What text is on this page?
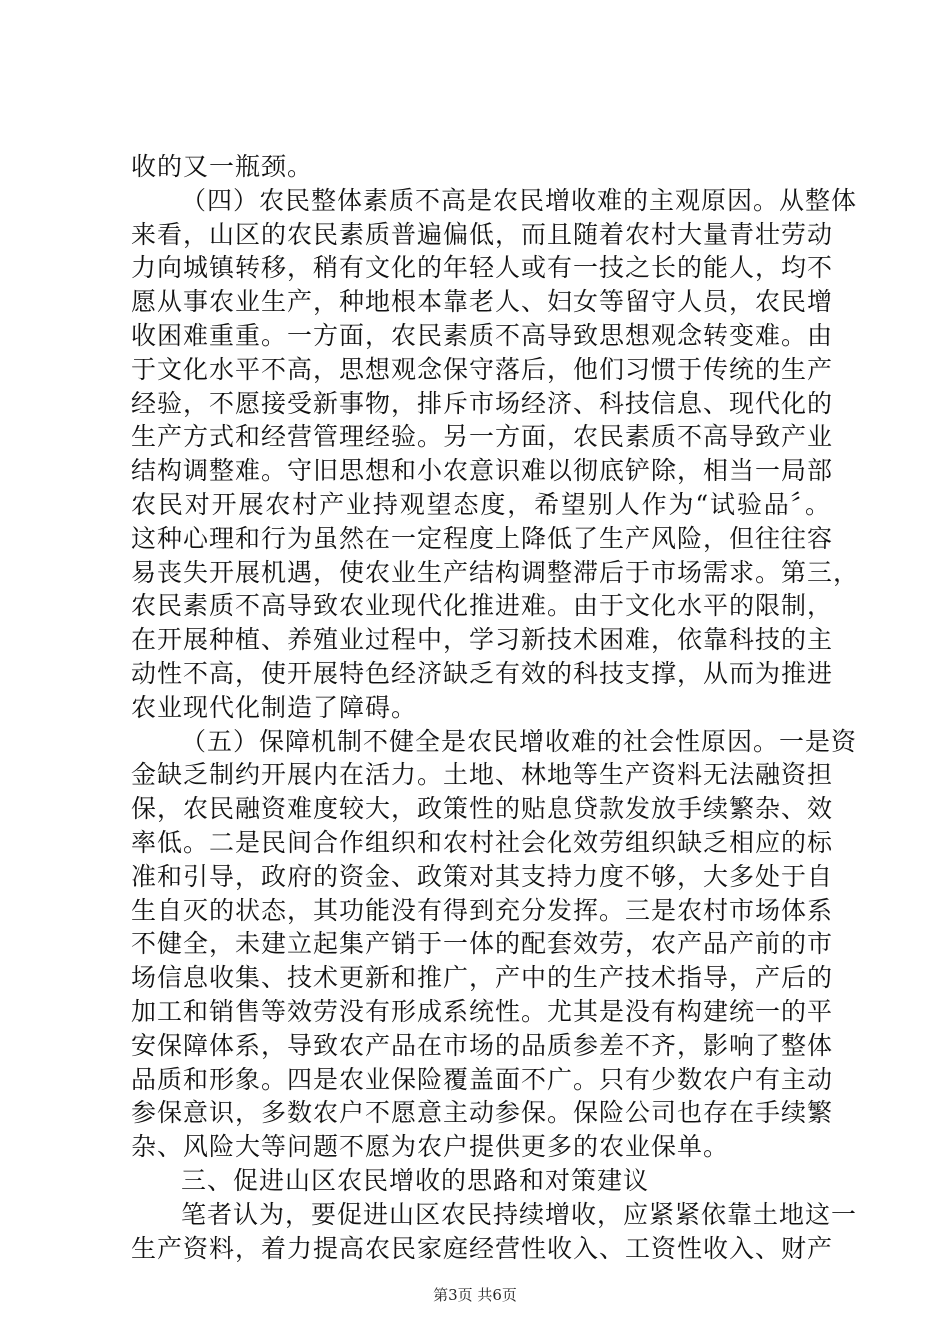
收的又一瓶颈。
（四）农民整体素质不高是农民增收难的主观原因。从整体
来看，山区的农民素质普遍偏低，而且随着农村大量青壮劳动
力向城镇转移，稍有文化的年轻人或有一技之长的能人，均不
愿从事农业生产，种地根本靠老人、妇女等留守人员，农民增
收困难重重。一方面，农民素质不高导致思想观念转变难。由
于文化水平不高，思想观念保守落后，他们习惯于传统的生产
经验，不愿接受新事物，排斥市场经济、科技信息、现代化的
生产方式和经营管理经验。另一方面，农民素质不高导致产业
结构调整难。守旧思想和小农意识难以彻底铲除，相当一局部
农民对开展农村产业持观望态度，希望别人作为“试验品〞。
这种心理和行为虽然在一定程度上降低了生产风险，但往往容
易丧失开展机遇，使农业生产结构调整滞后于市场需求。第三，
农民素质不高导致农业现代化推进难。由于文化水平的限制，
在开展种植、养殖业过程中，学习新技术困难，依靠科技的主
动性不高，使开展特色经济缺乏有效的科技支撑，从而为推进
农业现代化制造了障碍。
（五）保障机制不健全是农民增收难的社会性原因。一是资
金缺乏制约开展内在活力。土地、林地等生产资料无法融资担
保，农民融资难度较大，政策性的贴息贷款发放手续繁杂、效
率低。二是民间合作组织和农村社会化效劳组织缺乏相应的标
准和引导，政府的资金、政策对其支持力度不够，大多处于自
生自灭的状态，其功能没有得到充分发挥。三是农村市场体系
不健全，未建立起集产销于一体的配套效劳，农产品产前的市
场信息收集、技术更新和推广，产中的生产技术指导，产后的
加工和销售等效劳没有形成系统性。尤其是没有构建统一的平
安保障体系，导致农产品在市场的品质参差不齐，影响了整体
品质和形象。四是农业保险覆盖面不广。只有少数农户有主动
参保意识，多数农户不愿意主动参保。保险公司也存在手续繁
杂、风险大等问题不愿为农户提供更多的农业保单。
三、促进山区农民增收的思路和对策建议
笔者认为，要促进山区农民持续增收，应紧紧依靠土地这一
生产资料，着力提高农民家庭经营性收入、工资性收入、财产
第3页 共6页
